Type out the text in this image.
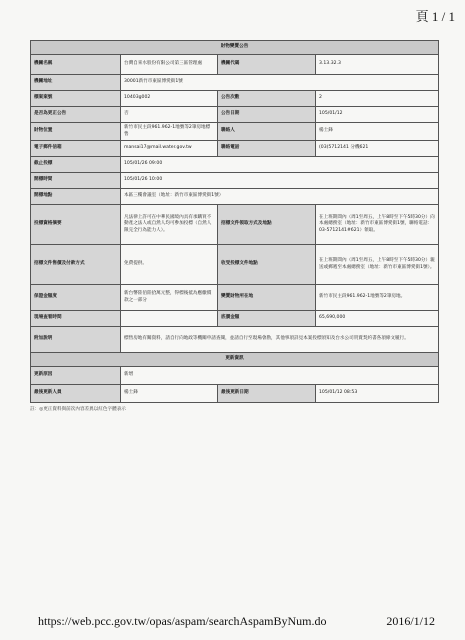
頁 1 / 1
財物變賣公告			
機關名稱	台灣自來水股份有限公司第三區管理處	機關代碼	3.13.32.3
機關地址	30001新竹市東區博愛街1號		
標案案號	10403g002	公告次數	2
是否為更正公告	否	公告日期	105/01/12
財物位置	新竹市民主段961.962-1地號等2筆房地標售	聯絡人	楊士鋒
電子郵件信箱	mansai17@mail.water.gov.tw	聯絡電話	(03)5712141 分機621
截止投標	105/01/26 09:00		
開標時間	105/01/26 10:00		
開標地點	本區三樓會議室（地址：新竹市東區博愛街1號）		
投標資格摘要	凡法律上許可在中華民國境內具有承購買不動產之法人或自然人均可參加投標（自然人限完全行為能力人）。	招標文件領取方式及地點	在上班期間內（周1至周五，上午8時至下午5時30分）向本處總務室（地址：新竹市東區博愛街1號，聯絡電話：03-5712141#621）領取。
招標文件售價及付款方式	免費提供。	收受投標文件地點	在上班期間內（周1至周五，上午8時至下午5時30分）親送或郵遞至本處總務室（地址：新竹市東區博愛街1號）。
保證金額度	新台幣陸佰陸拾萬元整，得標後抵為應繳價款之一部分	變賣財物所在地	新竹市民主段961.962-1地號等2筆房地。
現場查看時間		底價金額	65,690,000
附加說明	標售房地有關資料，請自行向地政等機關申請查閱，並請自行至現場會勘，其他事項詳見本案投標須知及台水公司買賣契約書各項條文履行。		
更新資訊			
更新原因	新增		
最後更新人員	楊士鋒	最後更新日期	105/01/12 08:53
註：◎更正資料與前次內容差異以紅色字體表示
https://web.pcc.gov.tw/opas/aspam/searchAspamByNum.do	2016/1/12
